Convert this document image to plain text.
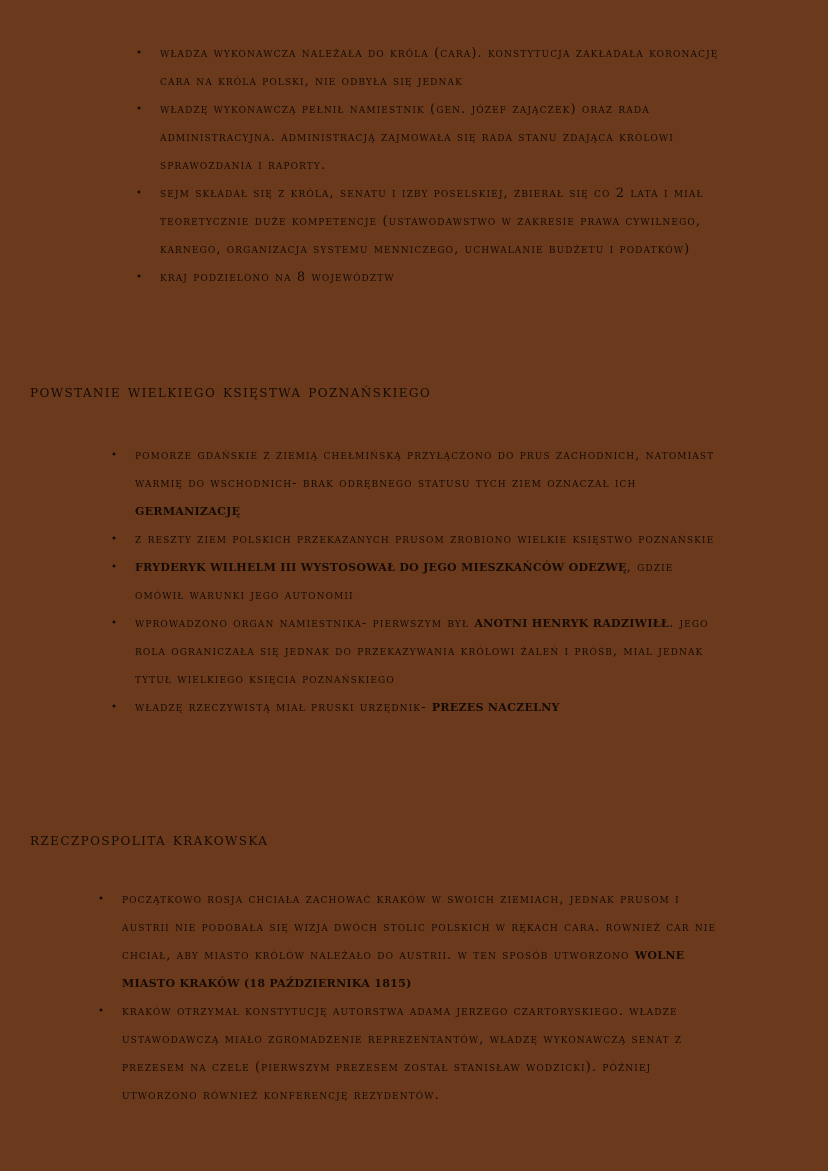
• władza wykonawcza należała do króla (cara). konstytucja zakładała koronację cara na króla polski, nie odbyła się jednak
• władzę wykonawczą pełnił namiestnik (gen. józef zajączek) oraz rada administracyjna. administracją zajmowała się rada stanu zdająca królowi sprawozdania i raporty.
• sejm składał się z króla, senatu i izby poselskiej, zbierał się co 2 lata i miał teoretycznie duże kompetencje (ustawodawstwo w zakresie prawa cywilnego, karnego, organizacja systemu menniczego, uchwalanie budżetu i podatków)
• kraj podzielono na 8 województw
powstanie wielkiego księstwa poznańskiego
• pomorze gdańskie z ziemią chełmińską przyłączono do prus zachodnich, natomiast warmię do wschodnich- brak odrębnego statusu tych ziem oznaczał ich GERMANIZACJĘ
• z reszty ziem polskich przekazanych prusom zrobiono wielkie księstwo poznańskie
• FRYDERYK WILHELM III WYSTOSOWAŁ DO JEGO MIESZKAŃCÓW ODEZWĘ, gdzie omówił warunki jego autonomii
• wprowadzono organ namiestnika- pierwszym był ANOTNI HENRYK RADZIWIŁŁ. jego rola ograniczała się jednak do przekazywania królowi żaleń i próśb, mial jednak tytuł wielkiego księcia poznańskiego
• władzę rzeczywistą miał pruski urzędnik- PREZES NACZELNY
rzeczpospolita krakowska
• początkowo rosja chciała zachować kraków w swoich ziemiach, jednak prusom i austrii nie podobała się wizja dwóch stolic polskich w rękach cara. również car nie chciał, aby miasto królów należało do austrii. w ten sposób utworzono WOLNE MIASTO KRAKÓW (18 PAŹDZIERNIKA 1815)
• kraków otrzymał konstytucję autorstwa adama jerzego czartoryskiego. władze ustawodawczą miało zgromadzenie reprezentantów, władzę wykonawczą senat z prezesem na czele (pierwszym prezesem został stanisław wodzicki). później utworzono również konferencję rezydentów.
